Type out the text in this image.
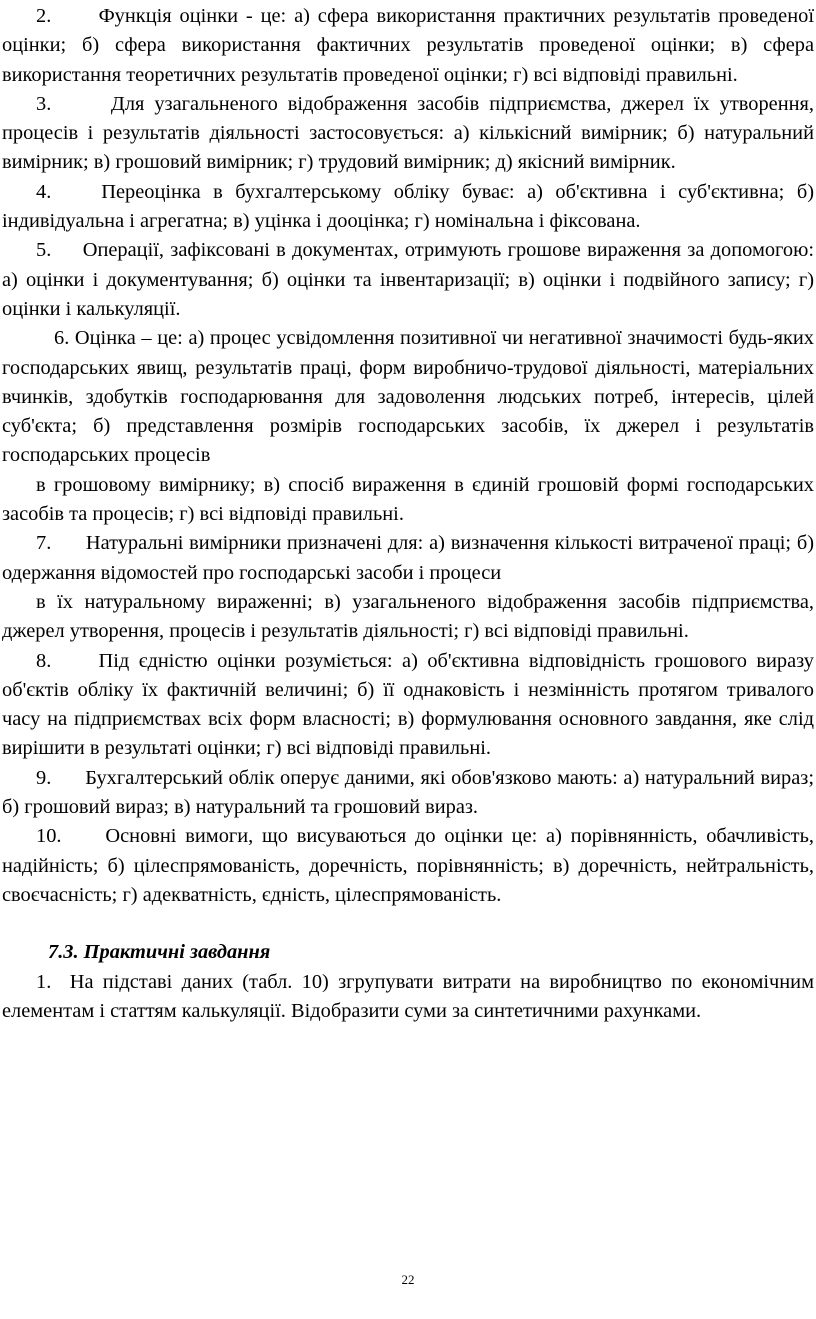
2.      Функція оцінки - це: а) сфера використання практичних результатів проведеної оцінки; б) сфера використання фактичних результатів проведеної оцінки; в) сфера використання теоретичних результатів проведеної оцінки; г) всі відповіді правильні.

3.      Для узагальненого відображення засобів підприємства, джерел їх утворення, процесів і результатів діяльності застосовується: а) кількісний вимірник; б) натуральний вимірник; в) грошовий вимірник; г) трудовий вимірник; д) якісний вимірник.

4.    Переоцінка в бухгалтерському обліку буває: а) об'єктивна і суб'єктивна; б) індивідуальна і агрегатна; в) уцінка і дооцінка; г) номінальна і фіксована.

5.     Операції, зафіксовані в документах, отримують грошове вираження за допомогою: а) оцінки і документування; б) оцінки та інвентаризації; в) оцінки і подвійного запису; г) оцінки і калькуляції.

6. Оцінка – це: а) процес усвідомлення позитивної чи негативної значимості будь-яких господарських явищ, результатів праці, форм виробничо-трудової діяльності, матеріальних вчинків, здобутків господарювання для задоволення людських потреб, інтересів, цілей суб'єкта; б) представлення розмірів господарських засобів, їх джерел і результатів господарських процесів

в грошовому вимірнику; в) спосіб вираження в єдиній грошовій формі господарських засобів та процесів; г) всі відповіді правильні.

7.      Натуральні вимірники призначені для: а) визначення кількості витраченої праці; б) одержання відомостей про господарські засоби і процеси

в їх натуральному вираженні; в) узагальненого відображення засобів підприємства, джерел утворення, процесів і результатів діяльності; г) всі відповіді правильні.

8.     Під єдністю оцінки розуміється: а) об'єктивна відповідність грошового виразу об'єктів обліку їх фактичній величині; б) її однаковість і незмінність протягом тривалого часу на підприємствах всіх форм власності; в) формулювання основного завдання, яке слід вирішити в результаті оцінки; г) всі відповіді правильні.

9.      Бухгалтерський облік оперує даними, які обов'язково мають: а) натуральний вираз; б) грошовий вираз; в) натуральний та грошовий вираз.

10.     Основні вимоги, що висуваються до оцінки це: а) порівнянність, обачливість, надійність; б) цілеспрямованість, доречність, порівнянність; в) доречність, нейтральність, своєчасність; г) адекватність, єдність, цілеспрямованість.

7.3. Практичні завдання

1.  На підставі даних (табл. 10) згрупувати витрати на виробництво по економічним елементам і статтям калькуляції. Відобразити суми за синтетичними рахунками.

22
